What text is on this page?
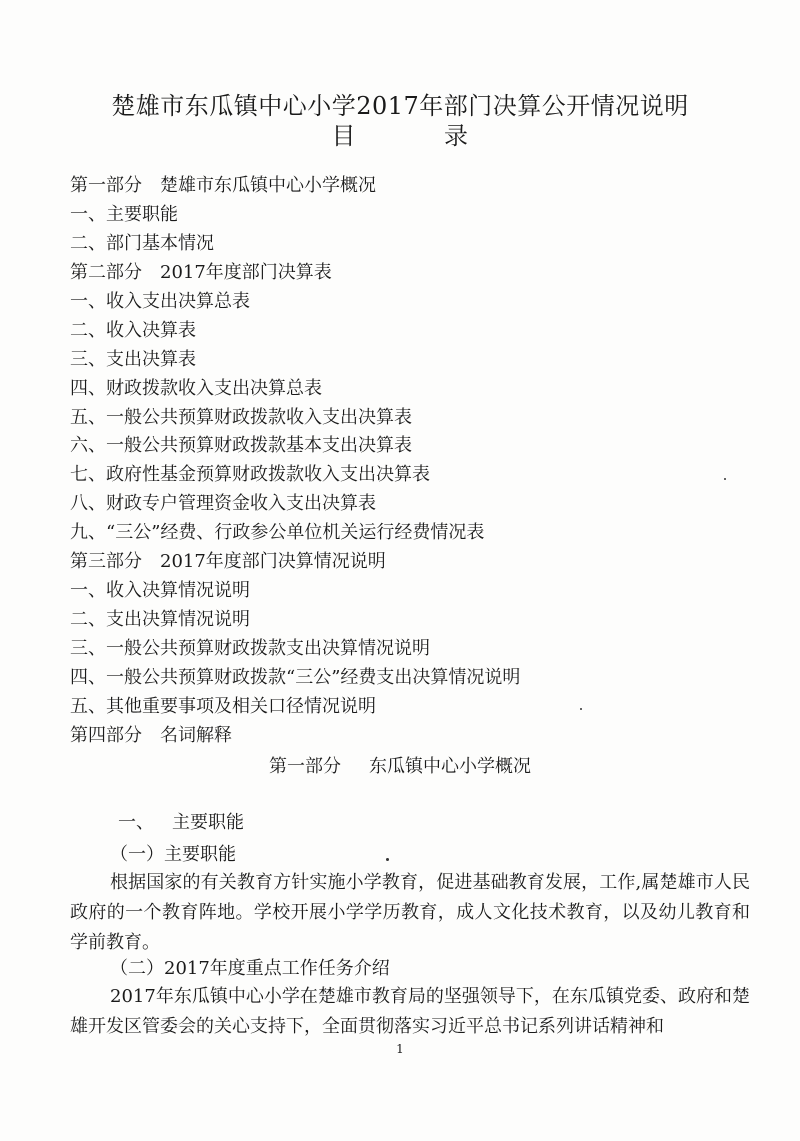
楚雄市东瓜镇中心小学2017年部门决算公开情况说明
目	录
第一部分　楚雄市东瓜镇中心小学概况
一、主要职能
二、部门基本情况
第二部分　2017年度部门决算表
一、收入支出决算总表
二、收入决算表
三、支出决算表
四、财政拨款收入支出决算总表
五、一般公共预算财政拨款收入支出决算表
六、一般公共预算财政拨款基本支出决算表
七、政府性基金预算财政拨款收入支出决算表
八、财政专户管理资金收入支出决算表
九、“三公”经费、行政参公单位机关运行经费情况表
第三部分　2017年度部门决算情况说明
一、收入决算情况说明
二、支出决算情况说明
三、一般公共预算财政拨款支出决算情况说明
四、一般公共预算财政拨款“三公”经费支出决算情况说明
五、其他重要事项及相关口径情况说明
第四部分　名词解释
第一部分 东瓜镇中心小学概况
一、 主要职能
（一）主要职能
根据国家的有关教育方针实施小学教育，促进基础教育发展，工作,属楚雄市人民政府的一个教育阵地。学校开展小学学历教育，成人文化技术教育，以及幼儿教育和学前教育。
（二）2017年度重点工作任务介绍
2017年东瓜镇中心小学在楚雄市教育局的坚强领导下，在东瓜镇党委、政府和楚雄开发区管委会的关心支持下，全面贯彻落实习近平总书记系列讲话精神和
1
